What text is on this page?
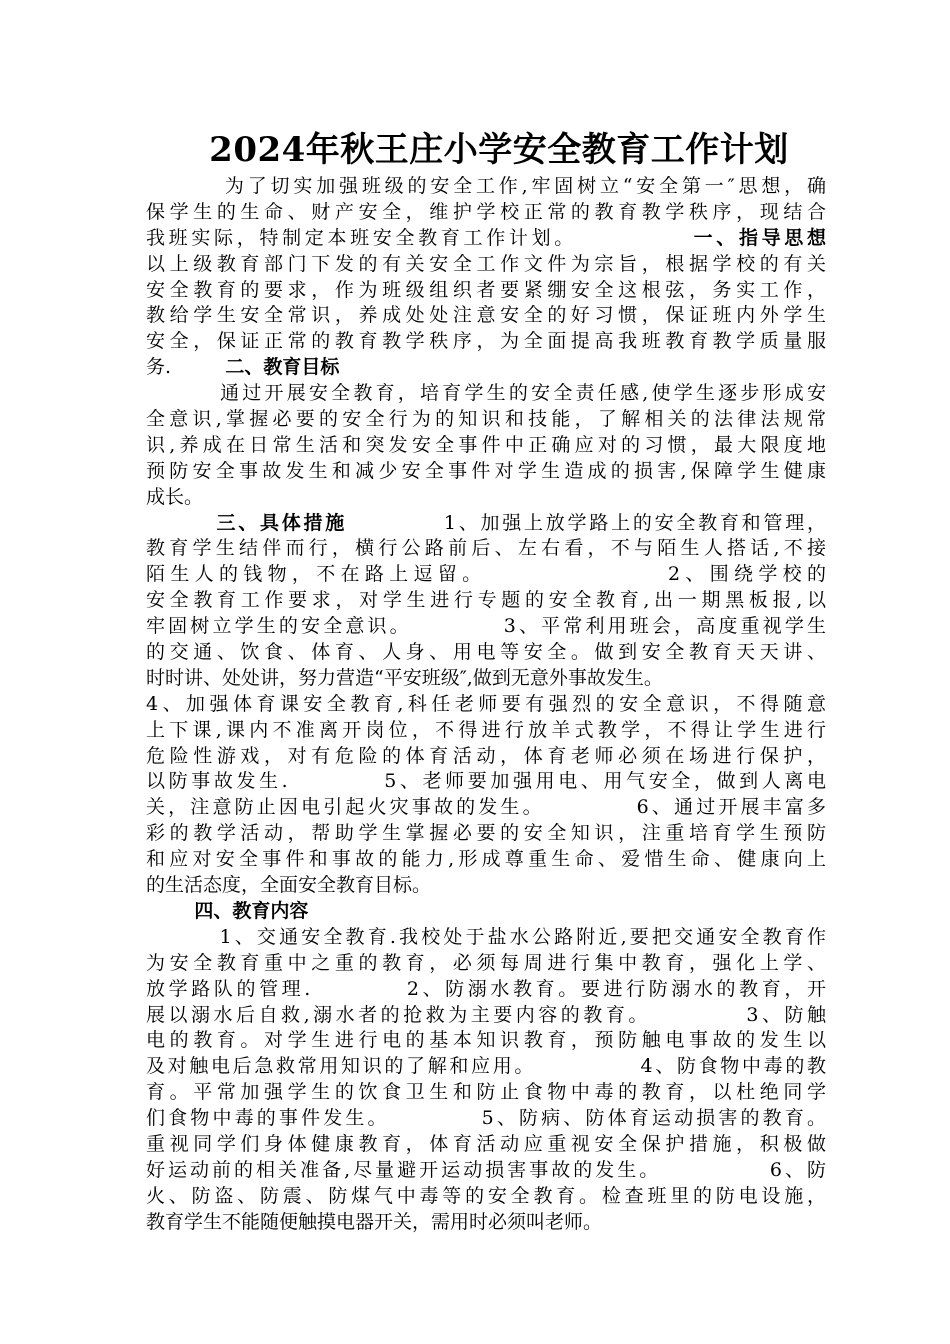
2024年秋王庄小学安全教育工作计划
为了切实加强班级的安全工作,牢固树立“安全第一″思想，确
保学生的生命、财产安全，维护学校正常的教育教学秩序，现结合
我班实际，特制定本班安全教育工作计划。            一、指导思想
以上级教育部门下发的有关安全工作文件为宗旨，根据学校的有关
安全教育的要求，作为班级组织者要紧绷安全这根弦，务实工作，
教给学生安全常识，养成处处注意安全的好习惯，保证班内外学生
安全，保证正常的教育教学秩序，为全面提高我班教育教学质量服
务.         二、教育目标
通过开展安全教育，培育学生的安全责任感,使学生逐步形成安
全意识,掌握必要的安全行为的知识和技能，了解相关的法律法规常
识,养成在日常生活和突发安全事件中正确应对的习惯，最大限度地
预防安全事故发生和减少安全事件对学生造成的损害,保障学生健康
成长。
三、具体措施           1、加强上放学路上的安全教育和管理，
教育学生结伴而行，横行公路前后、左右看，不与陌生人搭话,不接
陌生人的钱物，不在路上逗留。                2、围绕学校的
安全教育工作要求，对学生进行专题的安全教育,出一期黑板报,以
牢固树立学生的安全意识。          3、平常利用班会，高度重视学生
的交通、饮食、体育、人身、用电等安全。做到安全教育天天讲、
时时讲、处处讲，努力营造“平安班级″,做到无意外事故发生。
4、加强体育课安全教育,科任老师要有强烈的安全意识，不得随意
上下课,课内不准离开岗位，不得进行放羊式教学，不得让学生进行
危险性游戏，对有危险的体育活动，体育老师必须在场进行保护，
以防事故发生.          5、老师要加强用电、用气安全，做到人离电
关，注意防止因电引起火灾事故的发生。          6、通过开展丰富多
彩的教学活动，帮助学生掌握必要的安全知识，注重培育学生预防
和应对安全事件和事故的能力,形成尊重生命、爱惜生命、健康向上
的生活态度，全面安全教育目标。
四、教育内容
1、交通安全教育.我校处于盐水公路附近,要把交通安全教育作
为安全教育重中之重的教育，必须每周进行集中教育，强化上学、
放学路队的管理.          2、防溺水教育。要进行防溺水的教育，开
展以溺水后自救,溺水者的抢救为主要内容的教育。          3、防触
电的教育。对学生进行电的基本知识教育，预防触电事故的发生以
及对触电后急救常用知识的了解和应用。            4、防食物中毒的教
育。平常加强学生的饮食卫生和防止食物中毒的教育，以杜绝同学
们食物中毒的事件发生。          5、防病、防体育运动损害的教育。
重视同学们身体健康教育，体育活动应重视安全保护措施，积极做
好运动前的相关准备,尽量避开运动损害事故的发生。            6、防
火、防盗、防震、防煤气中毒等的安全教育。检查班里的防电设施，
教育学生不能随便触摸电器开关，需用时必须叫老师。
